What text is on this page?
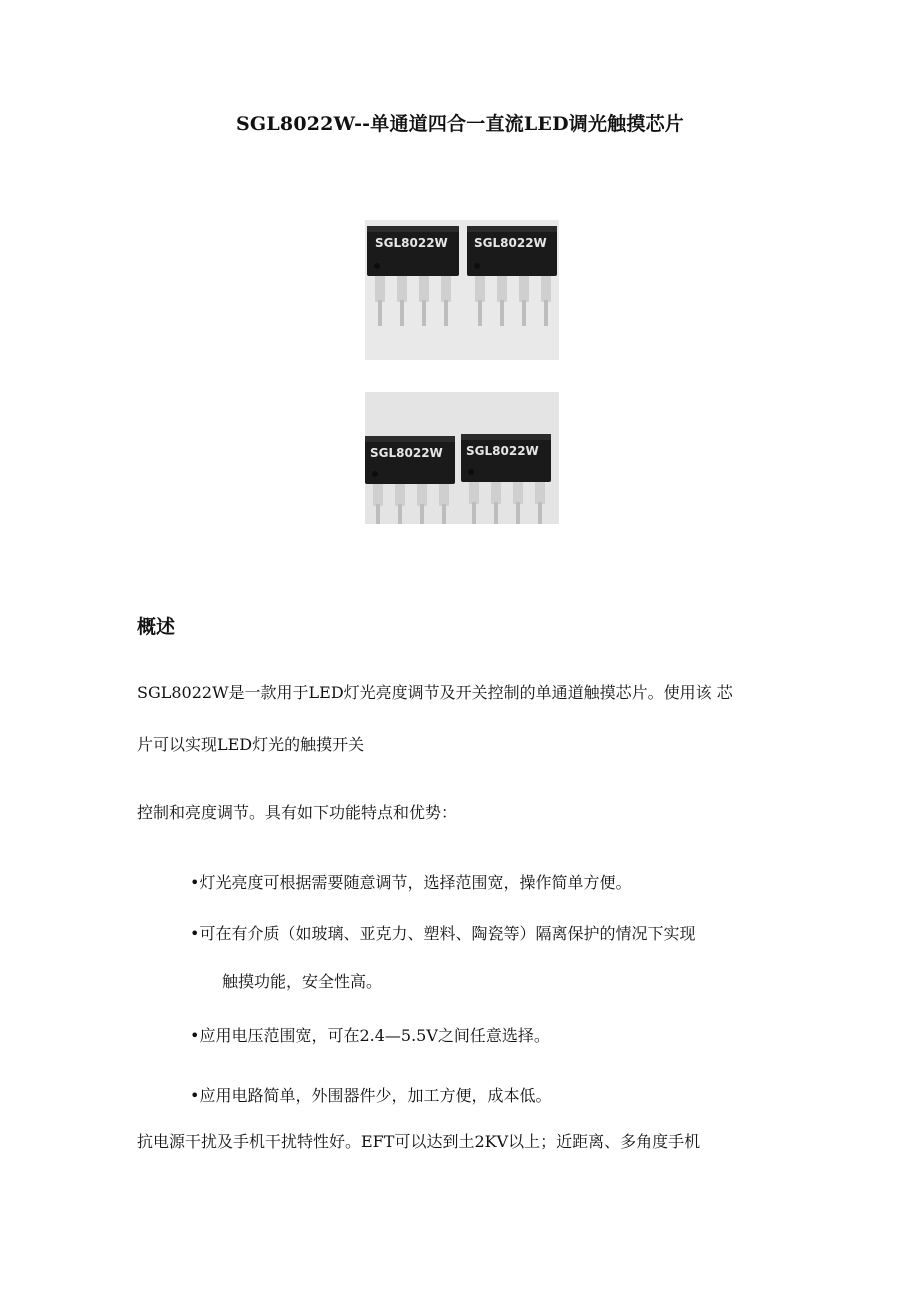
SGL8022W--单通道四合一直流LED调光触摸芯片
SGL8022W SGL8022W
SGL8022W SGL8022W
概述
SGL8022W是一款用于LED灯光亮度调节及开关控制的单通道触摸芯片。使用该 芯
片可以实现LED灯光的触摸开关
控制和亮度调节。具有如下功能特点和优势：
•灯光亮度可根据需要随意调节，选择范围宽，操作简单方便。
•可在有介质（如玻璃、亚克力、塑料、陶瓷等）隔离保护的情况下实现
触摸功能，安全性高。
•应用电压范围宽，可在2.4—5.5V之间任意选择。
•应用电路简单，外围器件少，加工方便，成本低。
抗电源干扰及手机干扰特性好。EFT可以达到土2KV以上；近距离、多角度手机
